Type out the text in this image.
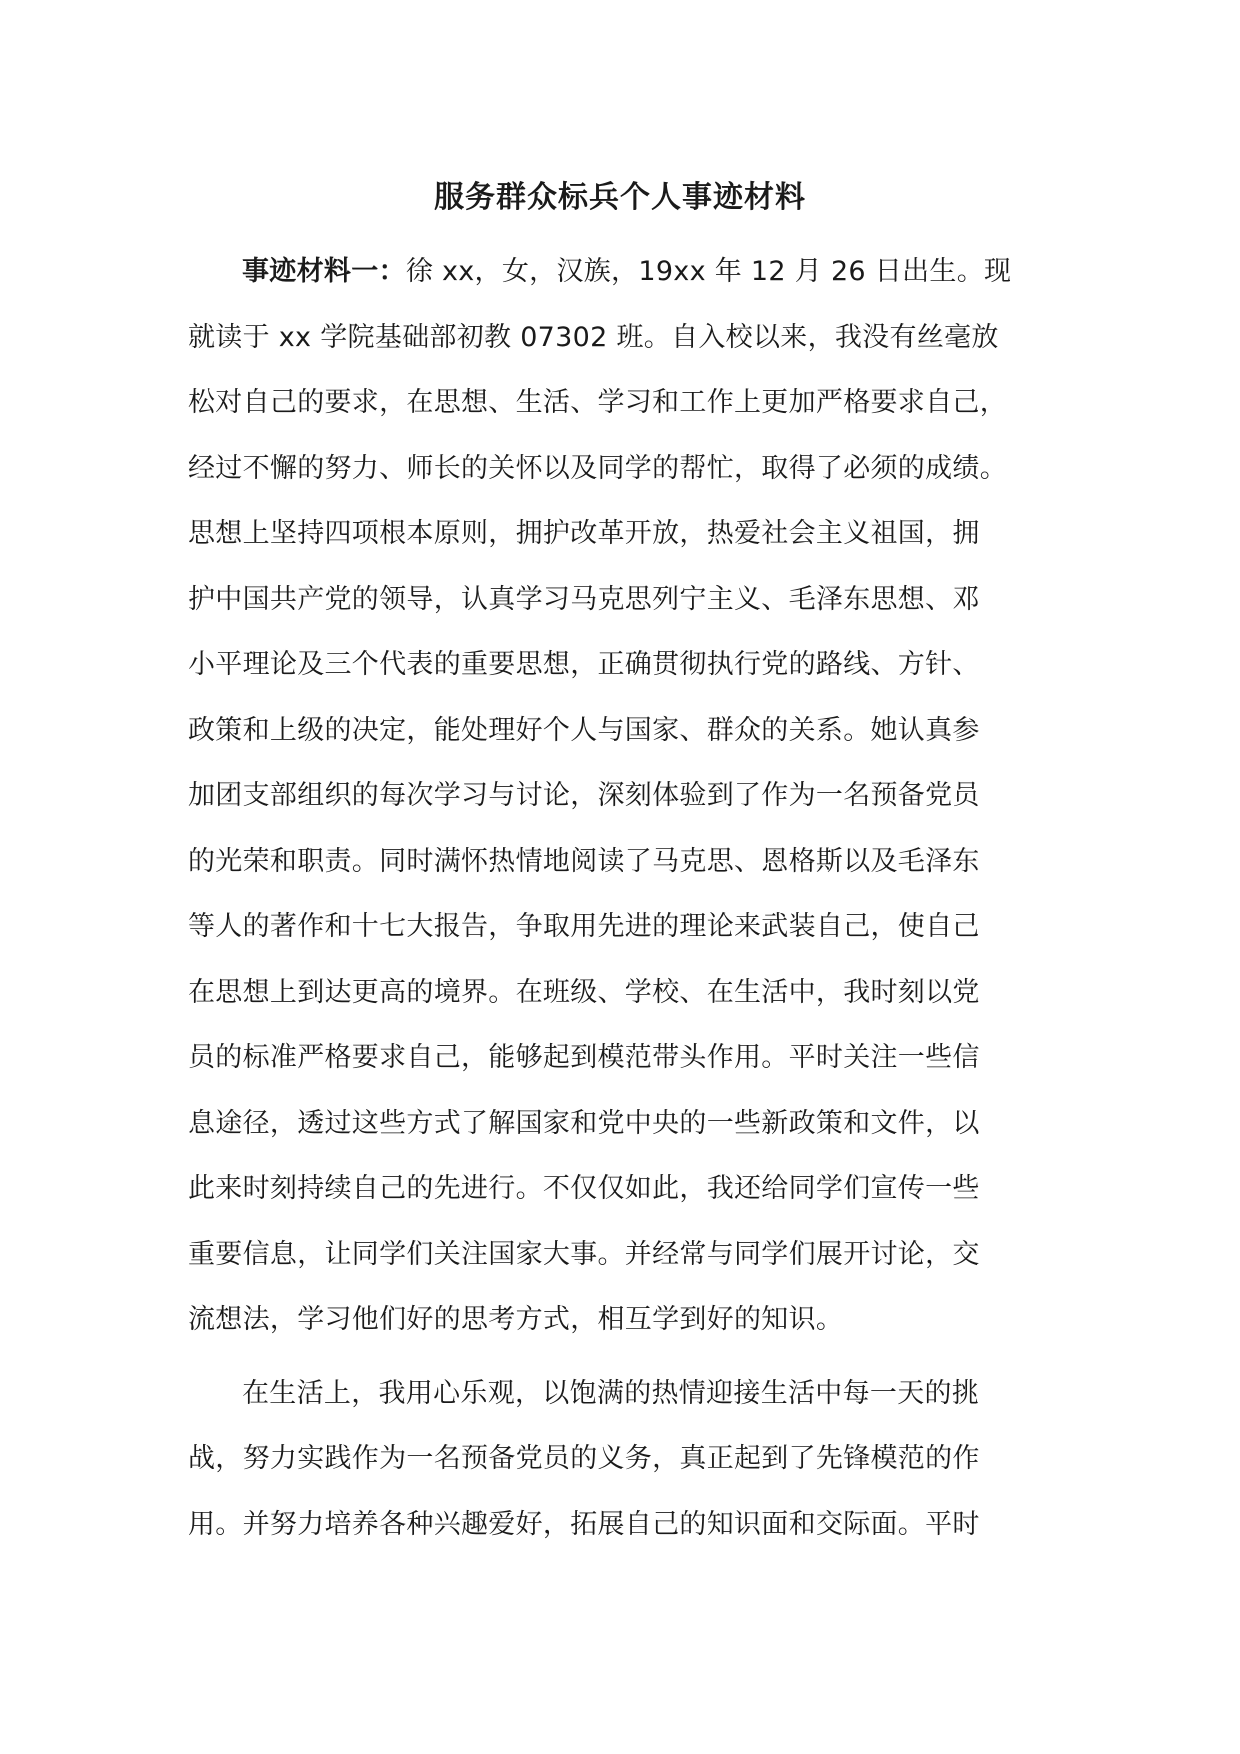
服务群众标兵个人事迹材料
事迹材料一：徐 xx，女，汉族，19xx 年 12 月 26 日出生。现
就读于 xx 学院基础部初教 07302 班。自入校以来，我没有丝毫放
松对自己的要求，在思想、生活、学习和工作上更加严格要求自己，
经过不懈的努力、师长的关怀以及同学的帮忙，取得了必须的成绩。
思想上坚持四项根本原则，拥护改革开放，热爱社会主义祖国，拥
护中国共产党的领导，认真学习马克思列宁主义、毛泽东思想、邓
小平理论及三个代表的重要思想，正确贯彻执行党的路线、方针、
政策和上级的决定，能处理好个人与国家、群众的关系。她认真参
加团支部组织的每次学习与讨论，深刻体验到了作为一名预备党员
的光荣和职责。同时满怀热情地阅读了马克思、恩格斯以及毛泽东
等人的著作和十七大报告，争取用先进的理论来武装自己，使自己
在思想上到达更高的境界。在班级、学校、在生活中，我时刻以党
员的标准严格要求自己，能够起到模范带头作用。平时关注一些信
息途径，透过这些方式了解国家和党中央的一些新政策和文件，以
此来时刻持续自己的先进行。不仅仅如此，我还给同学们宣传一些
重要信息，让同学们关注国家大事。并经常与同学们展开讨论，交
流想法，学习他们好的思考方式，相互学到好的知识。
在生活上，我用心乐观，以饱满的热情迎接生活中每一天的挑
战，努力实践作为一名预备党员的义务，真正起到了先锋模范的作
用。并努力培养各种兴趣爱好，拓展自己的知识面和交际面。平时
